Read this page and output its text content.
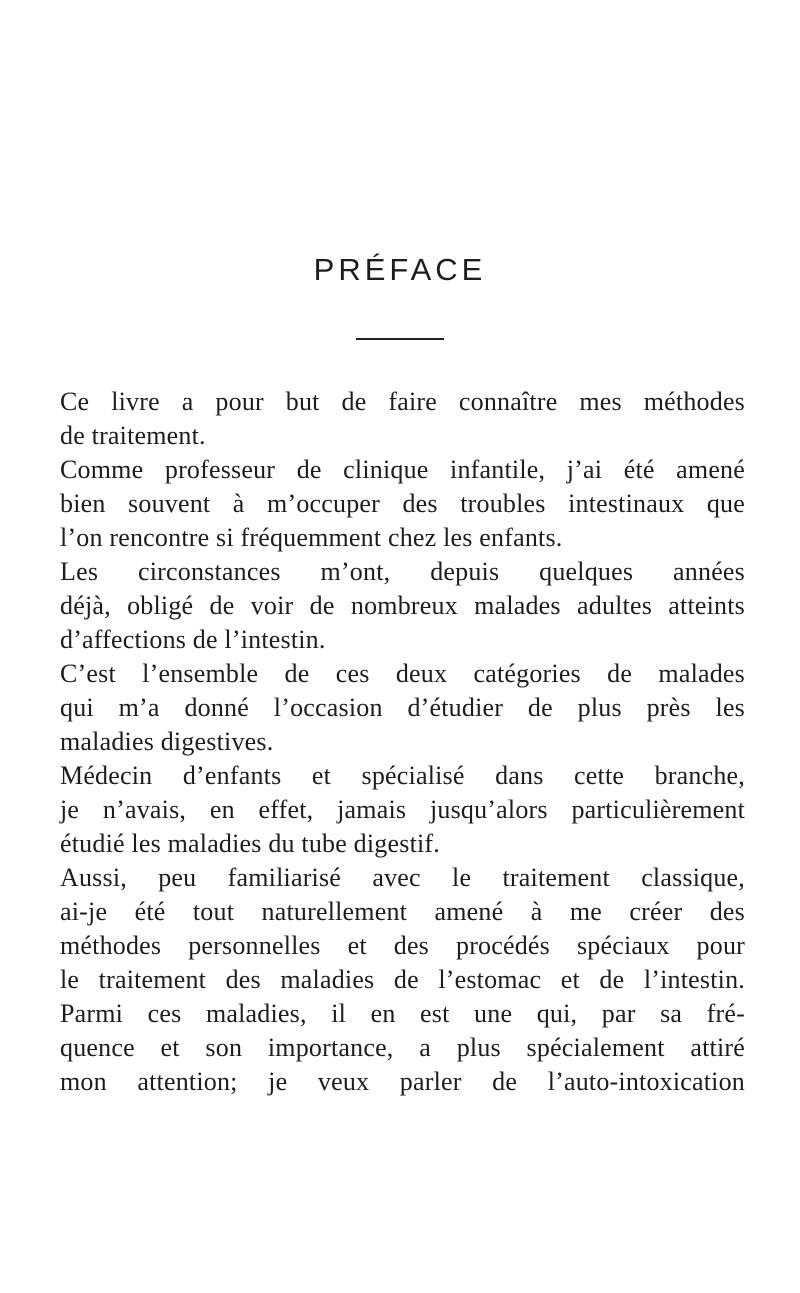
PRÉFACE
Ce livre a pour but de faire connaître mes méthodes
de traitement.
Comme professeur de clinique infantile, j’ai été amené
bien souvent à m’occuper des troubles intestinaux que
l’on rencontre si fréquemment chez les enfants.
Les circonstances m’ont, depuis quelques années
déjà, obligé de voir de nombreux malades adultes atteints
d’affections de l’intestin.
C’est l’ensemble de ces deux catégories de malades
qui m’a donné l’occasion d’étudier de plus près les
maladies digestives.
Médecin d’enfants et spécialisé dans cette branche,
je n’avais, en effet, jamais jusqu’alors particulièrement
étudié les maladies du tube digestif.
Aussi, peu familiarisé avec le traitement classique,
ai-je été tout naturellement amené à me créer des
méthodes personnelles et des procédés spéciaux pour
le traitement des maladies de l’estomac et de l’intestin.
Parmi ces maladies, il en est une qui, par sa fré-
quence et son importance, a plus spécialement attiré
mon attention; je veux parler de l’auto-intoxication
